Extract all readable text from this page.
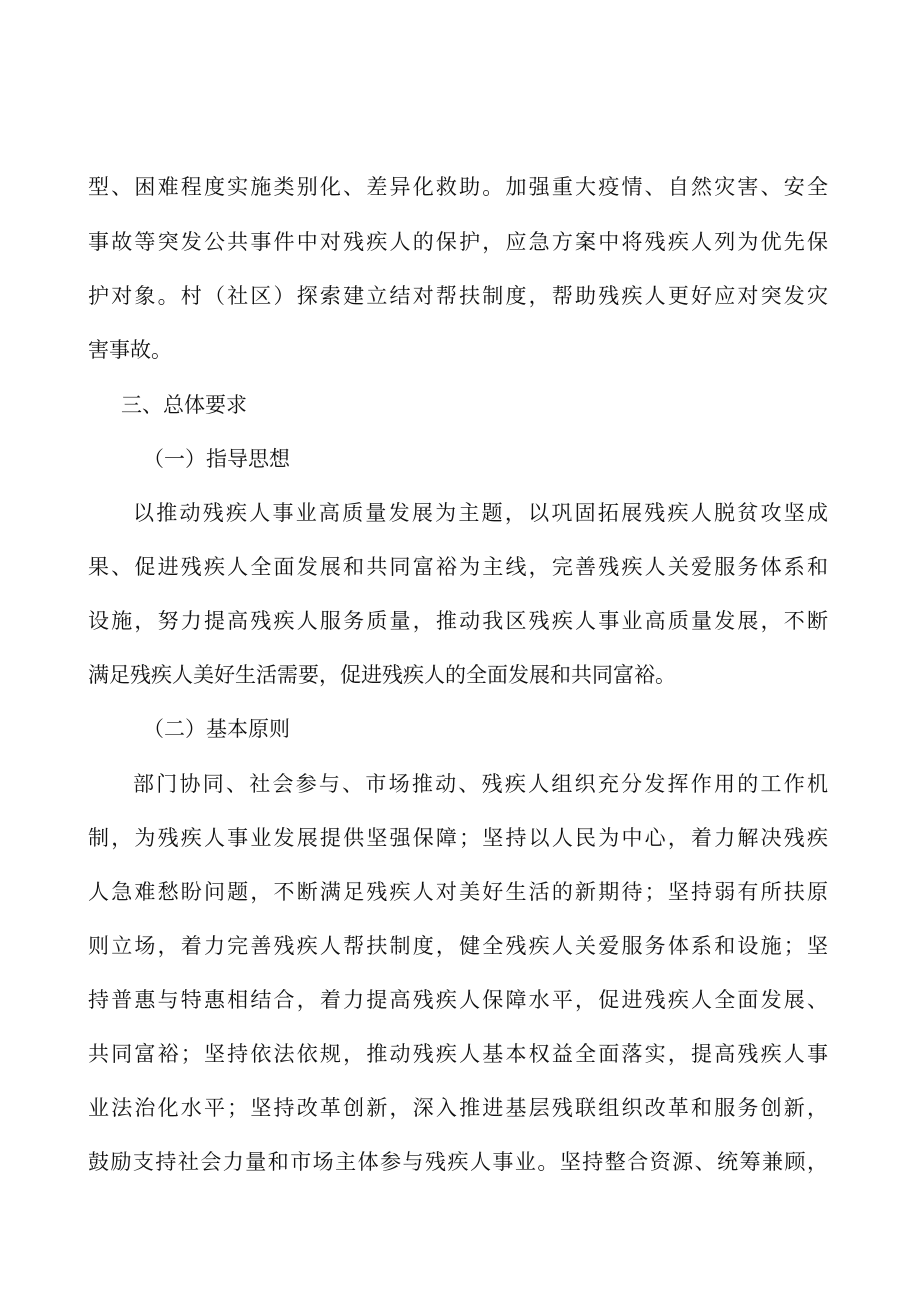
型、困难程度实施类别化、差异化救助。加强重大疫情、自然灾害、安全
事故等突发公共事件中对残疾人的保护，应急方案中将残疾人列为优先保
护对象。村（社区）探索建立结对帮扶制度，帮助残疾人更好应对突发灾
害事故。
三、总体要求
（一）指导思想
以推动残疾人事业高质量发展为主题，以巩固拓展残疾人脱贫攻坚成
果、促进残疾人全面发展和共同富裕为主线，完善残疾人关爱服务体系和
设施，努力提高残疾人服务质量，推动我区残疾人事业高质量发展，不断
满足残疾人美好生活需要，促进残疾人的全面发展和共同富裕。
（二）基本原则
部门协同、社会参与、市场推动、残疾人组织充分发挥作用的工作机
制，为残疾人事业发展提供坚强保障；坚持以人民为中心，着力解决残疾
人急难愁盼问题，不断满足残疾人对美好生活的新期待；坚持弱有所扶原
则立场，着力完善残疾人帮扶制度，健全残疾人关爱服务体系和设施；坚
持普惠与特惠相结合，着力提高残疾人保障水平，促进残疾人全面发展、
共同富裕；坚持依法依规，推动残疾人基本权益全面落实，提高残疾人事
业法治化水平；坚持改革创新，深入推进基层残联组织改革和服务创新，
鼓励支持社会力量和市场主体参与残疾人事业。坚持整合资源、统筹兼顾，
